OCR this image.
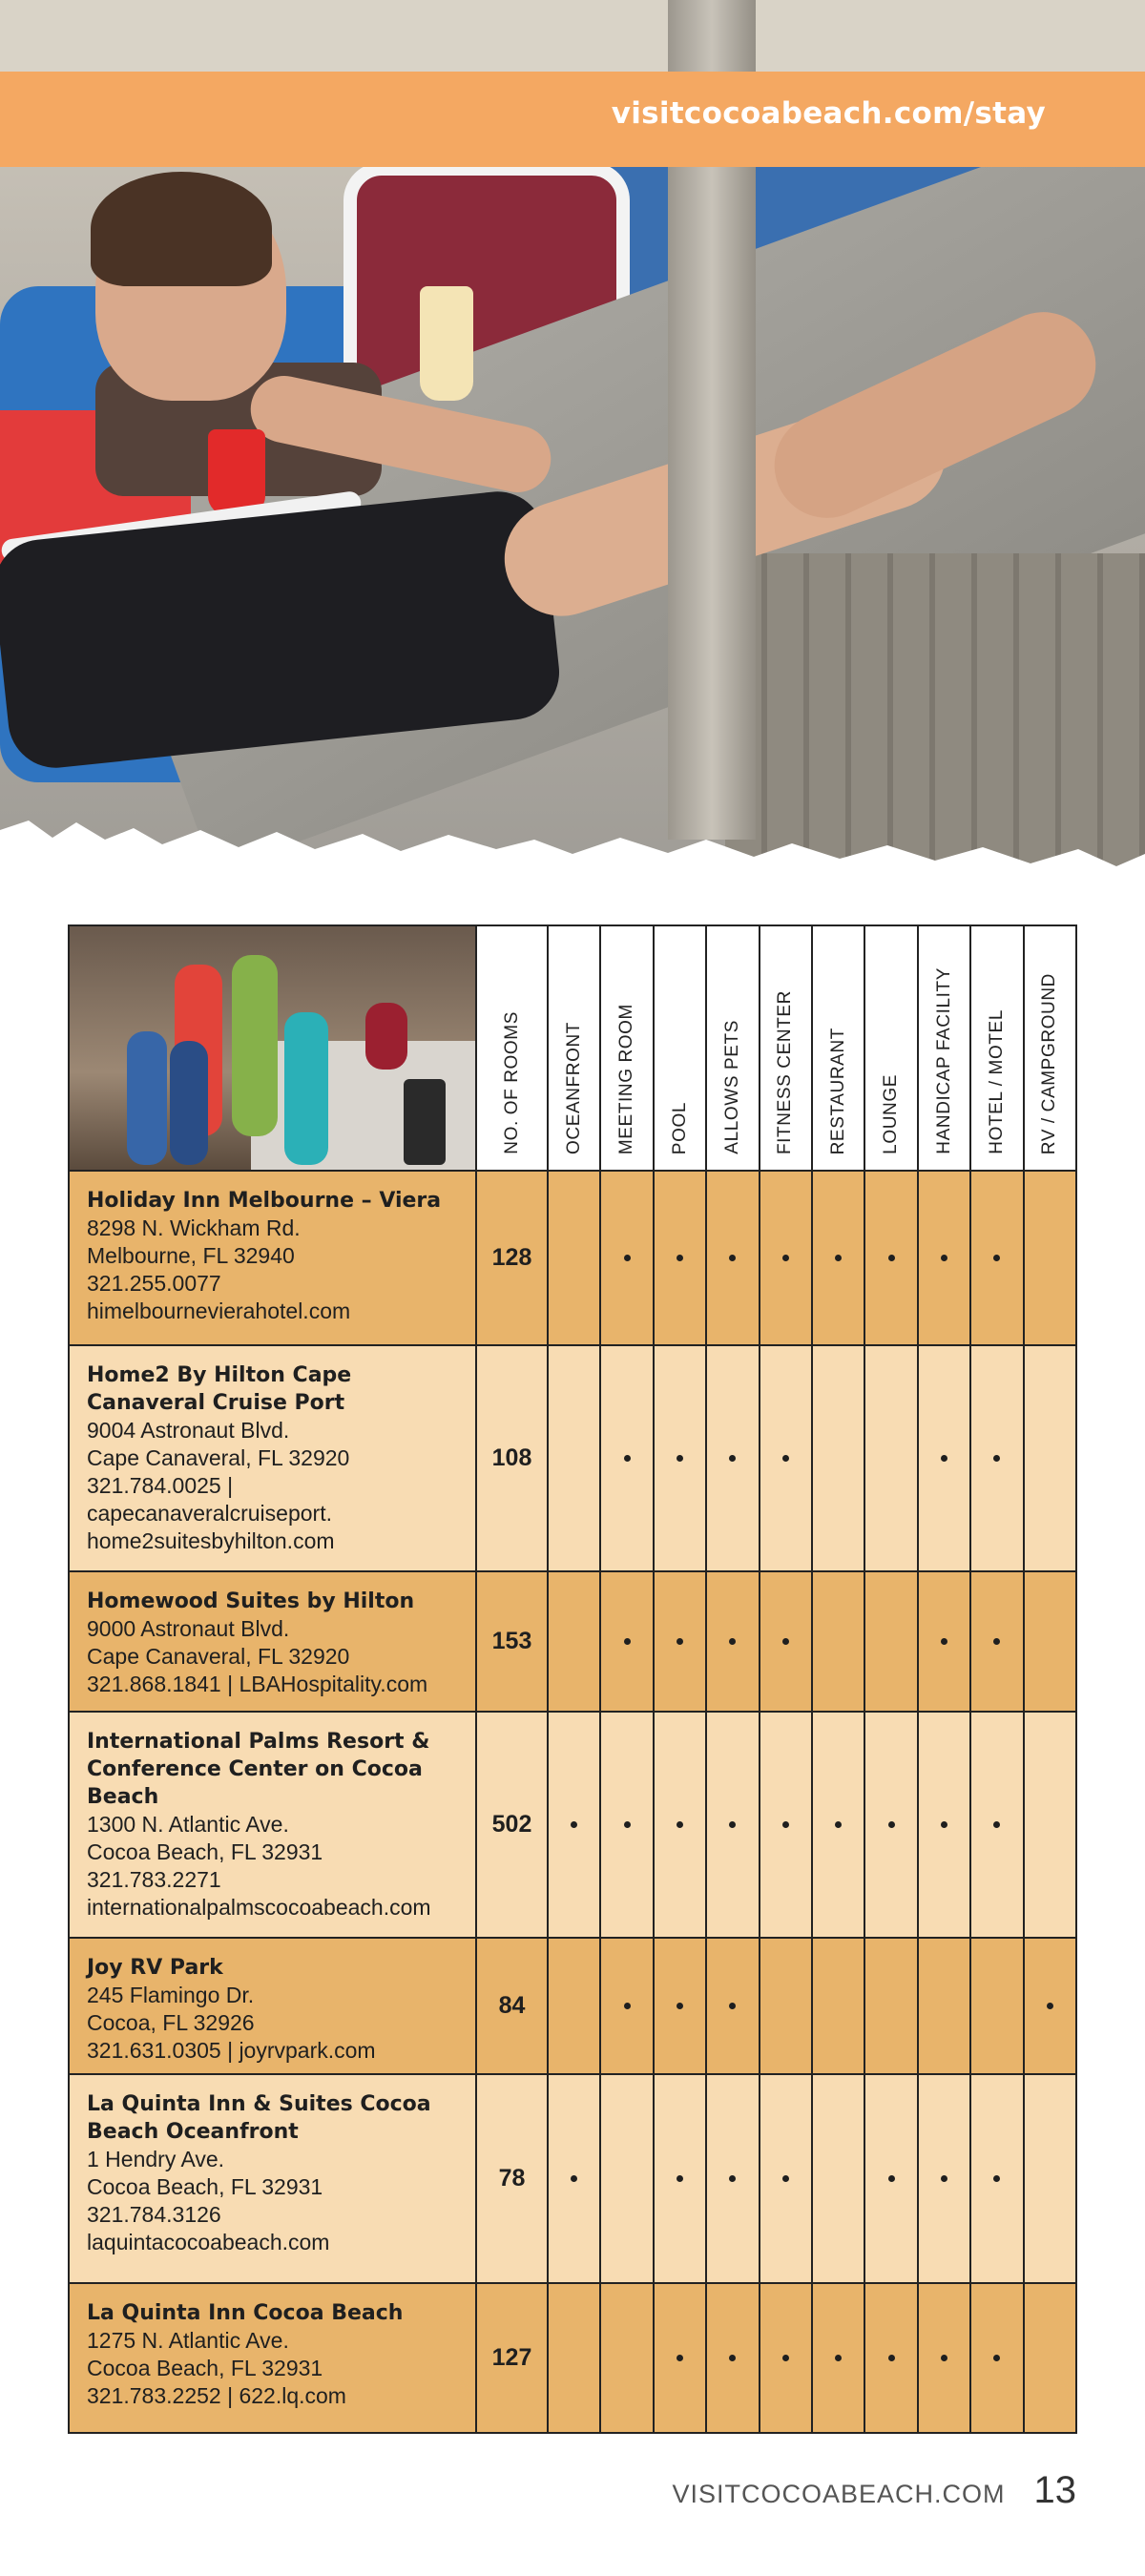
visitcocoabeach.com/stay
NO. OF ROOMS OCEANFRONT MEETING ROOM POOL ALLOWS PETS FITNESS CENTER RESTAURANT LOUNGE HANDICAP FACILITY HOTEL / MOTEL RV / CAMPGROUND
Holiday Inn Melbourne – Viera
8298 N. Wickham Rd.
Melbourne, FL 32940
321.255.0077
himelbournevierahotel.com
128
Home2 By Hilton Cape Canaveral Cruise Port
9004 Astronaut Blvd.
Cape Canaveral, FL 32920
321.784.0025 |
capecanaveralcruiseport.
home2suitesbyhilton.com
108
Homewood Suites by Hilton
9000 Astronaut Blvd.
Cape Canaveral, FL 32920
321.868.1841 | LBAHospitality.com
153
International Palms Resort & Conference Center on Cocoa Beach
1300 N. Atlantic Ave.
Cocoa Beach, FL 32931
321.783.2271
internationalpalmscocoabeach.com
502
Joy RV Park
245 Flamingo Dr.
Cocoa, FL 32926
321.631.0305 | joyrvpark.com
84
La Quinta Inn & Suites Cocoa Beach Oceanfront
1 Hendry Ave.
Cocoa Beach, FL 32931
321.784.3126
laquintacocoabeach.com
78
La Quinta Inn Cocoa Beach
1275 N. Atlantic Ave.
Cocoa Beach, FL 32931
321.783.2252 | 622.lq.com
127
VISITCOCOABEACH.COM 13
